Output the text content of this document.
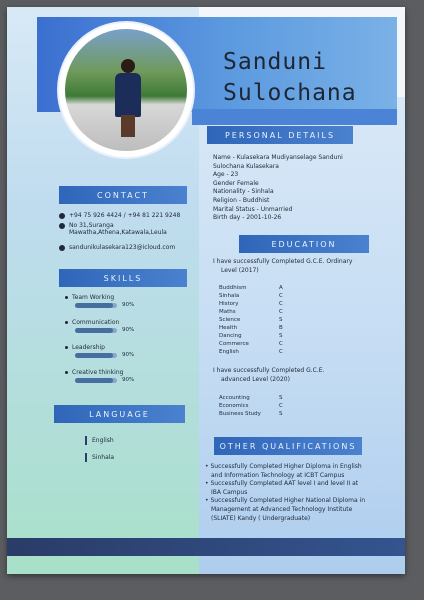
Sanduni
Sulochana
PERSONAL DETAILS
Name - Kulasekara Mudiyanselage Sanduni
Sulochana Kulasekara
Age - 23
Gender Female
Nationality - Sinhala
Religion - Buddhist
Marital Status - Unmarried
Birth day - 2001-10-26
CONTACT
+94 75 926 4424 / +94 81 221 9248
No 31,Suranga
Mawatha,Athena,Katawala,Leula
sandunikulasekara123@icloud.com
SKILLS
Team Working
90%
Communication
90%
Leadership
90%
Creative thinking
90%
LANGUAGE
English
Sinhala
EDUCATION
I have successfully Completed G.C.E. Ordinary
Level (2017)
Buddhism	A
Sinhala	C
History	C
Maths	C
Science	S
Health	B
Dancing	S
Commerce	C
English	C
I have successfully Completed G.C.E.
advanced Level (2020)
Accounting	S
Economics	C
Business Study	S
OTHER QUALIFICATIONS
• Successfully Completed Higher Diploma in English
and Information Technology at ICBT Campus
• Successfully Completed AAT level I and level II at
IBA Campus
• Successfully Completed Higher National Diploma in
Management at Advanced Technology Institute
(SLIATE) Kandy ( Undergraduate)
